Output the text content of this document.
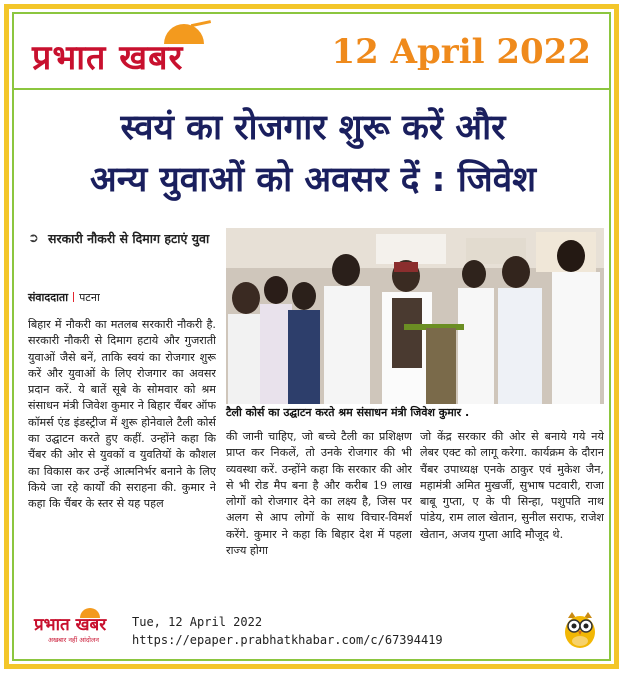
प्रभात खबर	12 April 2022
स्वयं का रोजगार शुरू करें और
अन्य युवाओं को अवसर दें : जिवेश
➲ सरकारी नौकरी से दिमाग हटाएं युवा
संवाददाता पटना
टैली कोर्स का उद्घाटन करते श्रम संसाधन मंत्री जिवेश कुमार .

बिहार में नौकरी का मतलब सरकारी नौकरी है. सरकारी नौकरी से दिमाग हटाये और गुजराती युवाओं जैसे बनें, ताकि स्वयं का रोजगार शुरू करें और युवाओं के लिए रोजगार का अवसर प्रदान करें. ये बातें सूबे के सोमवार को श्रम संसाधन मंत्री जिवेश कुमार ने बिहार चैंबर ऑफ कॉमर्स एंड इंडस्ट्रीज में शुरू होनेवाले टैली कोर्स का उद्घाटन करते हुए कहीं. उन्होंने कहा कि चैंबर की ओर से युवकों व युवतियों के कौशल का विकास कर उन्हें आत्मनिर्भर बनाने के लिए किये जा रहे कार्यों की सराहना की. कुमार ने कहा कि चैंबर के स्तर से यह पहल

की जानी चाहिए, जो बच्चे टैली का प्रशिक्षण प्राप्त कर निकलें, तो उनके रोजगार की भी व्यवस्था करें. उन्होंने कहा कि सरकार की ओर से भी रोड मैप बना है और करीब 19 लाख लोगों को रोजगार देने का लक्ष्य है, जिस पर अलग से आप लोगों के साथ विचार-विमर्श करेंगे. कुमार ने कहा कि बिहार देश में पहला राज्य होगा

जो केंद्र सरकार की ओर से बनाये गये नये लेबर एक्ट को लागू करेगा. कार्यक्रम के दौरान चैंबर उपाध्यक्ष एनके ठाकुर एवं मुकेश जैन, महामंत्री अमित मुखर्जी, सुभाष पटवारी, राजा बाबू गुप्ता, ए के पी सिन्हा, पशुपति नाथ पांडेय, राम लाल खेतान, सुनील सराफ, राजेश खेतान, अजय गुप्ता आदि मौजूद थे.

प्रभात खबर
अखबार नहीं आंदोलन
Tue, 12 April 2022
https://epaper.prabhatkhabar.com/c/67394419
